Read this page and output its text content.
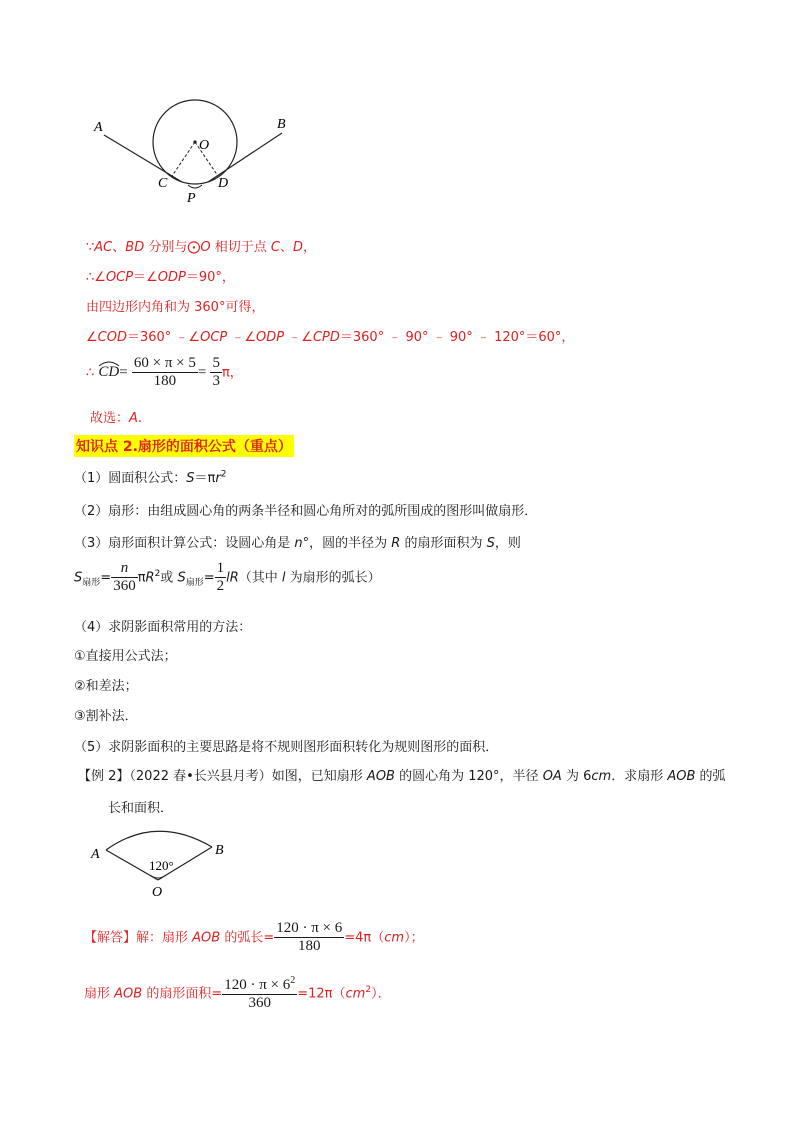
A	B
O
C	D
P
∵AC、BD 分别与⨀O 相切于点 C、D，
∴∠OCP＝∠ODP＝90°，
由四边形内角和为 360°可得，
∠COD＝360° ﹣∠OCP ﹣∠ODP ﹣∠CPD＝360° ﹣ 90° ﹣ 90° ﹣ 120°＝60°，
∴ $CD= \frac{60 \times \pi \times 5}{180} = \frac{5}{3}$ π，
故选：A.
知识点 2.扇形的面积公式（重点）
（1）圆面积公式：$S=\pi r^2$
（2）扇形：由组成圆心角的两条半径和圆心角所对的弧所围成的图形叫做扇形．
（3）扇形面积计算公式：设圆心角是 n°，圆的半径为 R 的扇形面积为 S，则
$S_{扇形}= \frac{n}{360} \pi R^2$或 $S_{扇形}= \frac{1}{2} lR$（其中 l 为扇形的弧长）
（4）求阴影面积常用的方法：
①直接用公式法；
②和差法；
③割补法．
（5）求阴影面积的主要思路是将不规则图形面积转化为规则图形的面积．
【例 2】（2022 春•长兴县月考）如图，已知扇形 AOB 的圆心角为 120°，半径 OA 为 6cm．求扇形 AOB 的弧
长和面积．
A	B
O
120°
【解答】解：扇形 AOB 的弧长= $\frac{120 \cdot \pi \times 6}{180} =4\pi(cm)$；
扇形 AOB 的扇形面积= $\frac{120 \cdot \pi \times 6^2}{360} =12\pi(cm^2)$．
